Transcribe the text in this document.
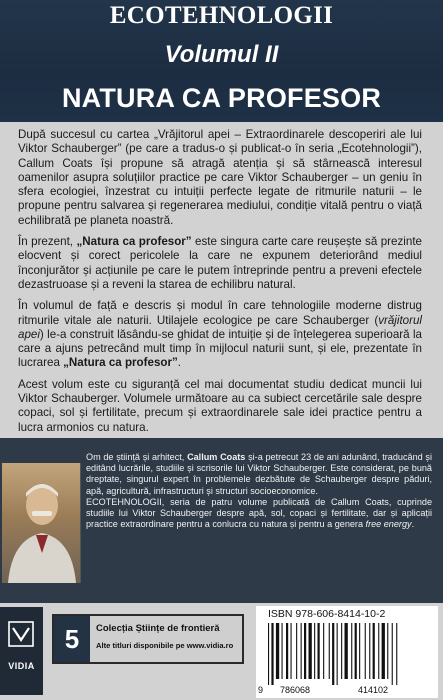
ECOTEHNOLOGII
Volumul II
NATURA CA PROFESOR

După succesul cu cartea „Vrăjitorul apei – Extraordinarele descoperiri ale lui Viktor Schauberger” (pe care a tradus-o și publicat-o în seria „Ecotehnologii”), Callum Coats își propune să atragă atenția și să stârnească interesul oamenilor asupra soluțiilor practice pe care Viktor Schauberger – un geniu în sfera ecologiei, înzestrat cu intuiții perfecte legate de ritmurile naturii – le propune pentru salvarea și regenerarea mediului, condiție vitală pentru o viață echilibrată pe planeta noastră.

În prezent, „Natura ca profesor” este singura carte care reușește să prezinte elocvent și corect pericolele la care ne expunem deteriorând mediul înconjurător și acțiunile pe care le putem întreprinde pentru a preveni efectele dezastruoase și a reveni la starea de echilibru natural.

În volumul de față e descris și modul în care tehnologiile moderne distrug ritmurile vitale ale naturii. Utilajele ecologice pe care Schauberger (vrăjitorul apei) le-a construit lăsându-se ghidat de intuiție și de înțelegerea superioară la care a ajuns petrecând mult timp în mijlocul naturii sunt, și ele, prezentate în lucrarea „Natura ca profesor”.

Acest volum este cu siguranță cel mai documentat studiu dedicat muncii lui Viktor Schauberger. Volumele următoare au ca subiect cercetările sale despre copaci, sol și fertilitate, precum și extraordinarele sale idei practice pentru a lucra armonios cu natura.

Om de știință și arhitect, Callum Coats și-a petrecut 23 de ani adunând, traducând și editând lucrările, studiile și scrisorile lui Viktor Schauberger. Este considerat, pe bună dreptate, singurul expert în problemele dezbătute de Schauberger despre păduri, apă, agricultură, infrastructuri și structuri socioeconomice.

ECOTEHNOLOGII, seria de patru volume publicată de Callum Coats, cuprinde studiile lui Viktor Schauberger despre apă, sol, copaci și fertilitate, dar și aplicații practice extraordinare pentru a conlucra cu natura și pentru a genera free energy.

VIDIA
5	Colecția Științe de frontieră
Alte titluri disponibile pe www.vidia.ro
ISBN 978-606-8414-10-2
9 786068	414102
